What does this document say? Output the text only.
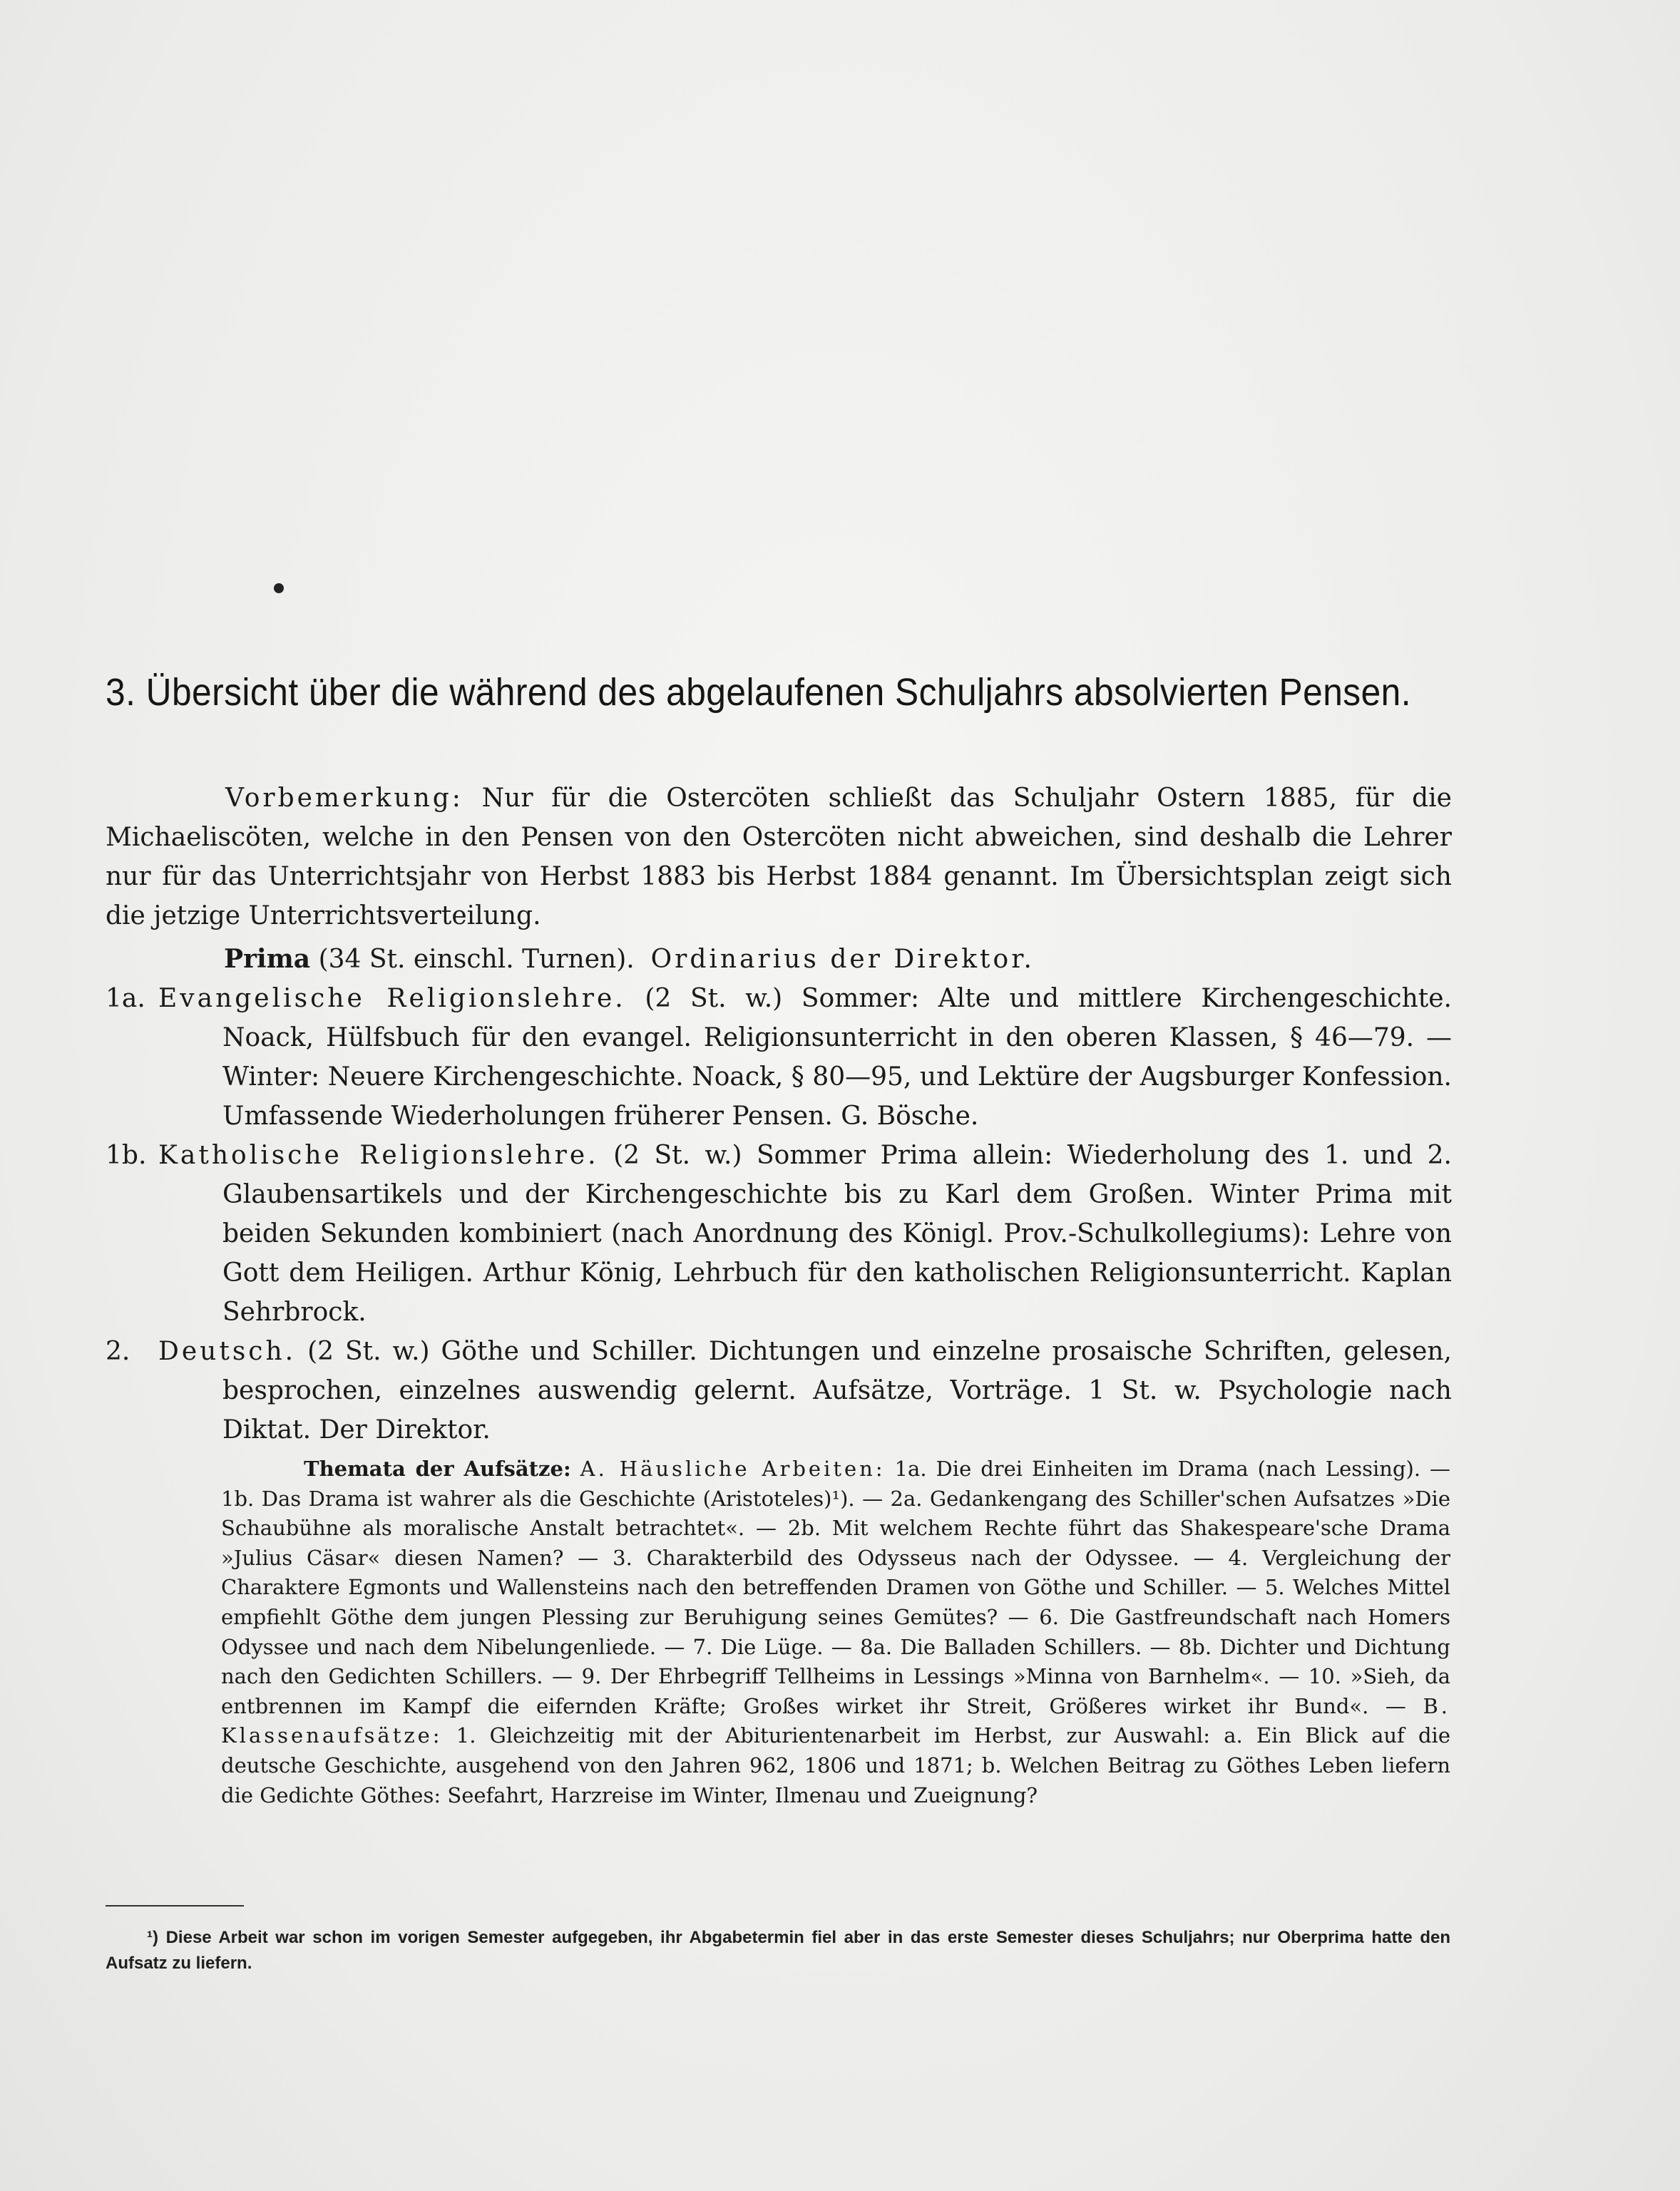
3. Übersicht über die während des abgelaufenen Schuljahrs absolvierten Pensen.

Vorbemerkung: Nur für die Ostercöten schließt das Schuljahr Ostern 1885, für die Michaeliscöten, welche in den Pensen von den Ostercöten nicht abweichen, sind deshalb die Lehrer nur für das Unterrichtsjahr von Herbst 1883 bis Herbst 1884 genannt. Im Übersichtsplan zeigt sich die jetzige Unterrichtsverteilung.

Prima (34 St. einschl. Turnen). Ordinarius der Direktor.

1a. Evangelische Religionslehre. (2 St. w.) Sommer: Alte und mittlere Kirchengeschichte. Noack, Hülfsbuch für den evangel. Religionsunterricht in den oberen Klassen, § 46—79. — Winter: Neuere Kirchengeschichte. Noack, § 80—95, und Lektüre der Augsburger Konfession. Umfassende Wiederholungen früherer Pensen. G. Bösche.

1b. Katholische Religionslehre. (2 St. w.) Sommer Prima allein: Wiederholung des 1. und 2. Glaubensartikels und der Kirchengeschichte bis zu Karl dem Großen. Winter Prima mit beiden Sekunden kombiniert (nach Anordnung des Königl. Prov.-Schulkollegiums): Lehre von Gott dem Heiligen. Arthur König, Lehrbuch für den katholischen Religionsunterricht. Kaplan Sehrbrock.

2. Deutsch. (2 St. w.) Göthe und Schiller. Dichtungen und einzelne prosaische Schriften, gelesen, besprochen, einzelnes auswendig gelernt. Aufsätze, Vorträge. 1 St. w. Psychologie nach Diktat. Der Direktor.

Themata der Aufsätze: A. Häusliche Arbeiten: 1a. Die drei Einheiten im Drama (nach Lessing). — 1b. Das Drama ist wahrer als die Geschichte (Aristoteles)¹). — 2a. Gedankengang des Schiller'schen Aufsatzes »Die Schaubühne als moralische Anstalt betrachtet«. — 2b. Mit welchem Rechte führt das Shakespeare'sche Drama »Julius Cäsar« diesen Namen? — 3. Charakterbild des Odysseus nach der Odyssee. — 4. Vergleichung der Charaktere Egmonts und Wallensteins nach den betreffenden Dramen von Göthe und Schiller. — 5. Welches Mittel empfiehlt Göthe dem jungen Plessing zur Beruhigung seines Gemütes? — 6. Die Gastfreundschaft nach Homers Odyssee und nach dem Nibelungenliede. — 7. Die Lüge. — 8a. Die Balladen Schillers. — 8b. Dichter und Dichtung nach den Gedichten Schillers. — 9. Der Ehrbegriff Tellheims in Lessings »Minna von Barnhelm«. — 10. »Sieh, da entbrennen im Kampf die eifernden Kräfte; Großes wirket ihr Streit, Größeres wirket ihr Bund«. — B. Klassenaufsätze: 1. Gleichzeitig mit der Abiturientenarbeit im Herbst, zur Auswahl: a. Ein Blick auf die deutsche Geschichte, ausgehend von den Jahren 962, 1806 und 1871; b. Welchen Beitrag zu Göthes Leben liefern die Gedichte Göthes: Seefahrt, Harzreise im Winter, Ilmenau und Zueignung?

¹) Diese Arbeit war schon im vorigen Semester aufgegeben, ihr Abgabetermin fiel aber in das erste Semester dieses Schuljahrs; nur Oberprima hatte den Aufsatz zu liefern.
